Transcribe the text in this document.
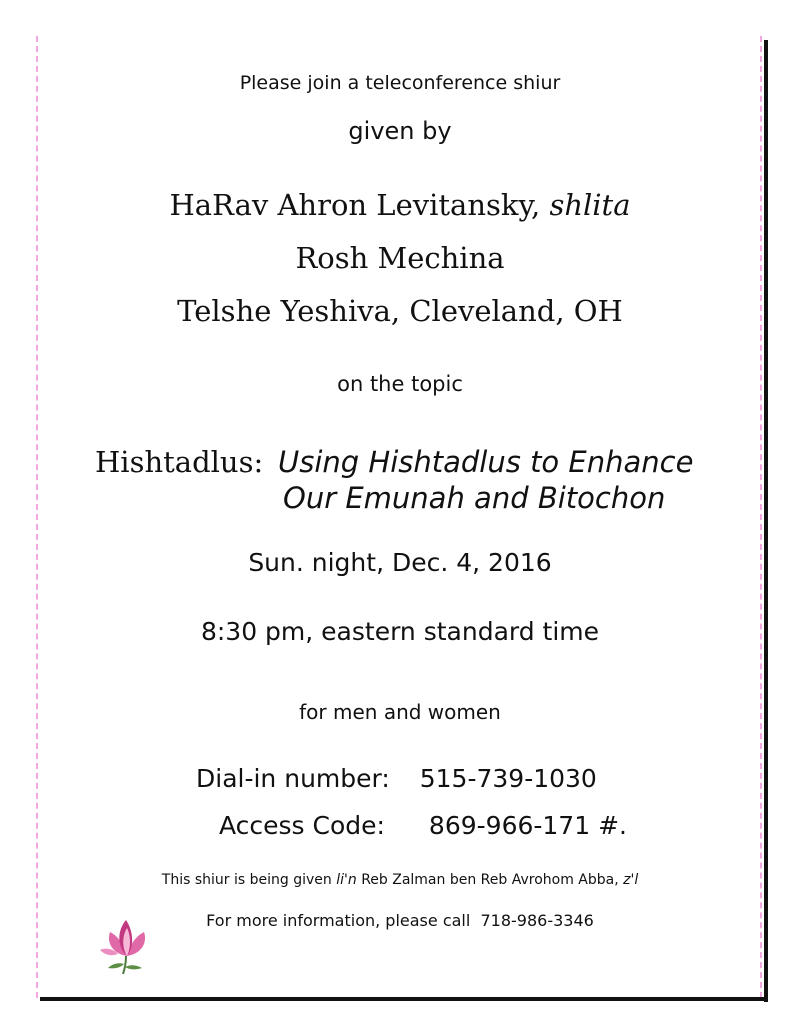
Please join a teleconference shiur
given by
HaRav Ahron Levitansky, shlita
Rosh Mechina
Telshe Yeshiva, Cleveland, OH
on the topic
Hishtadlus: Using Hishtadlus to Enhance
Our Emunah and Bitochon
Sun. night, Dec. 4, 2016
8:30 pm, eastern standard time
for men and women
Dial-in number: 515-739-1030
Access Code: 869-966-171 #.
This shiur is being given li'n Reb Zalman ben Reb Avrohom Abba, z'l
For more information, please call  718-986-3346
